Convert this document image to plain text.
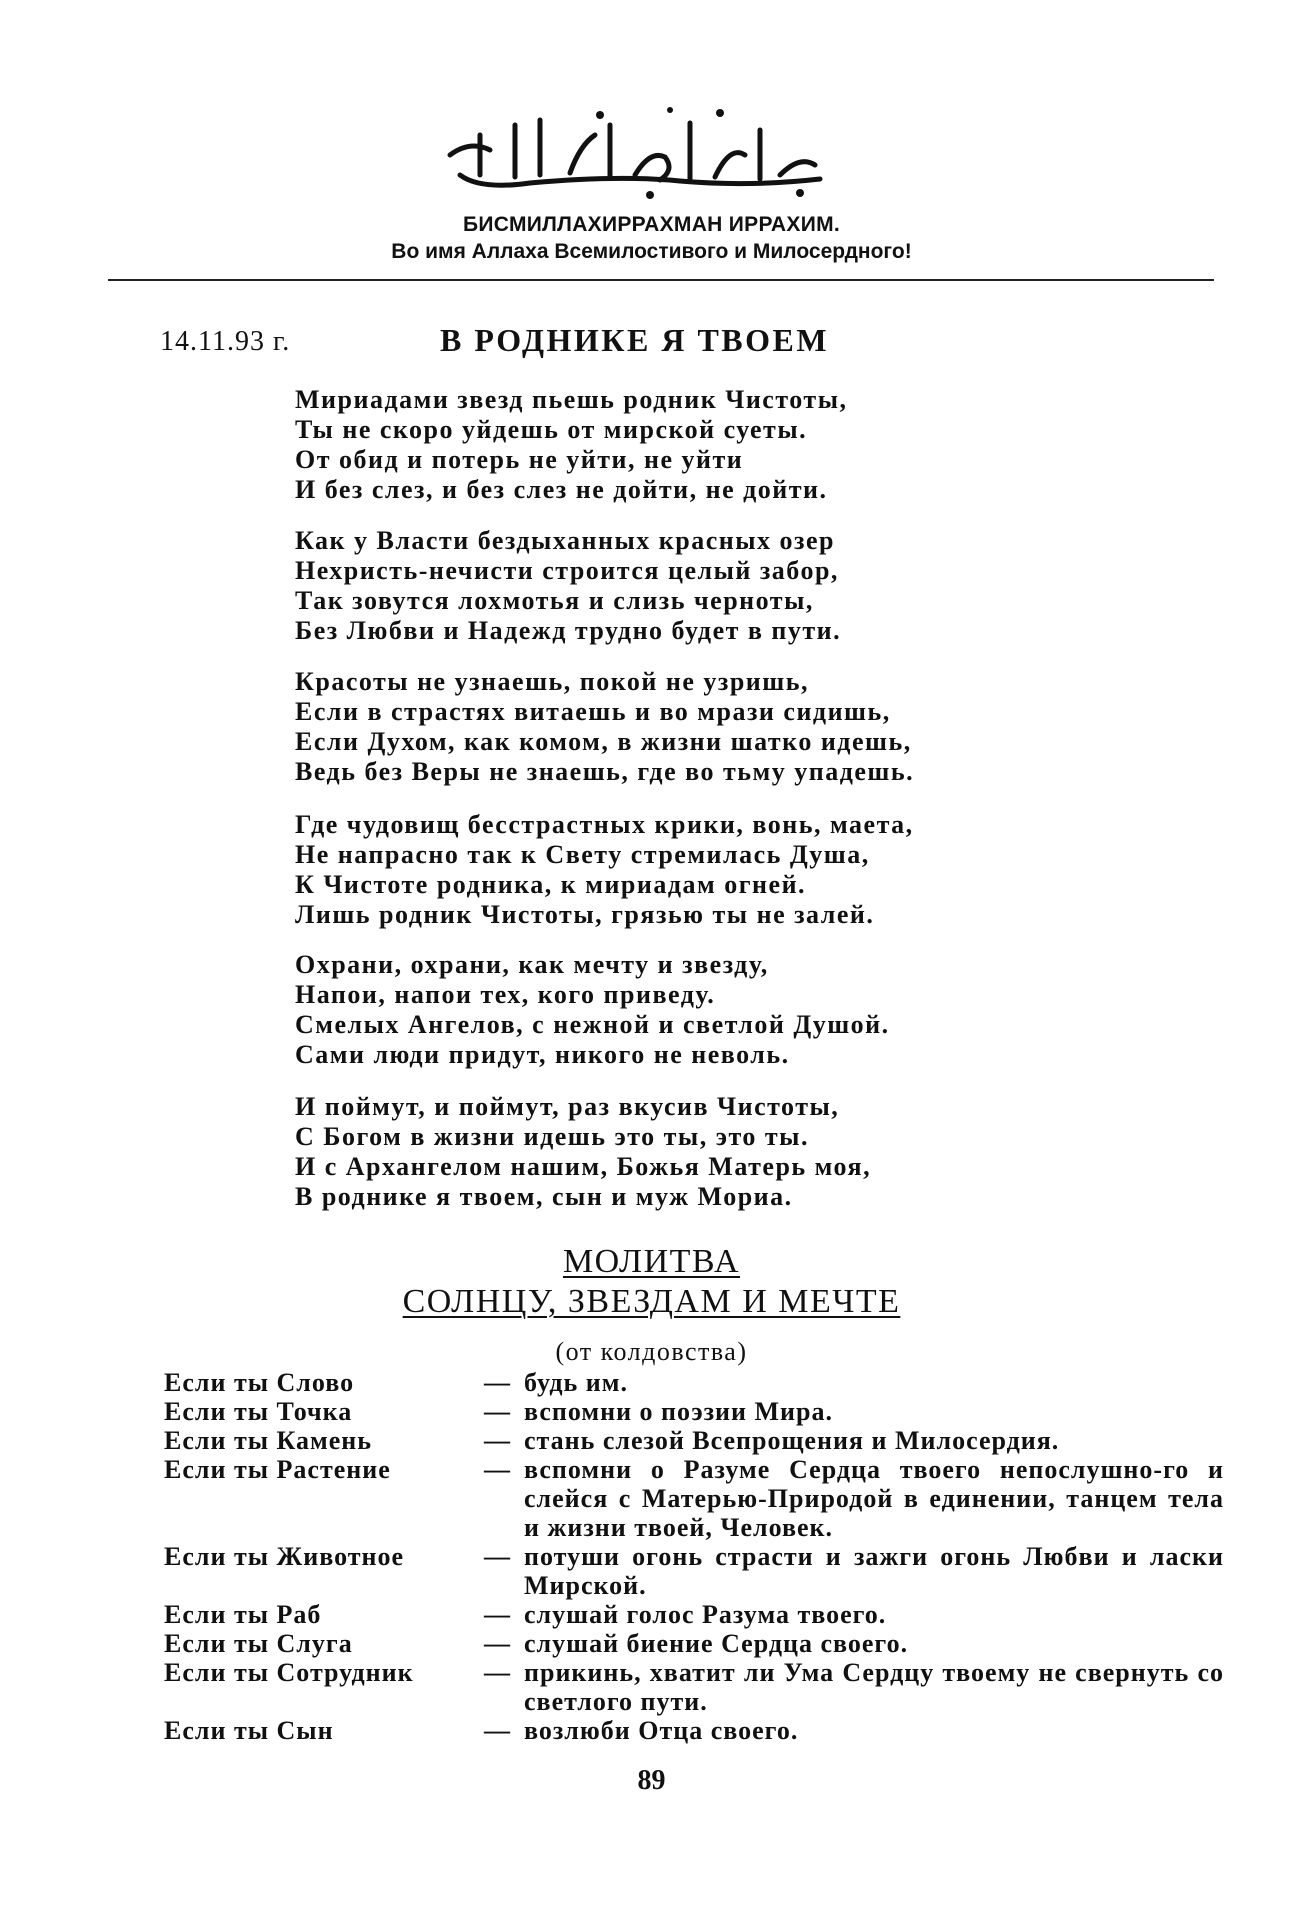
БИСМИЛЛАХИРРАХМАН ИРРАХИМ.
Во имя Аллаха Всемилостивого и Милосердного!
14.11.93 г.	В РОДНИКЕ Я ТВОЕМ
Мириадами звезд пьешь родник Чистоты,
Ты не скоро уйдешь от мирской суеты.
От обид и потерь не уйти, не уйти
И без слез, и без слез не дойти, не дойти.
Как у Власти бездыханных красных озер
Нехристь-нечисти строится целый забор,
Так зовутся лохмотья и слизь черноты,
Без Любви и Надежд трудно будет в пути.
Красоты не узнаешь, покой не узришь,
Если в страстях витаешь и во мрази сидишь,
Если Духом, как комом, в жизни шатко идешь,
Ведь без Веры не знаешь, где во тьму упадешь.
Где чудовищ бесстрастных крики, вонь, маета,
Не напрасно так к Свету стремилась Душа,
К Чистоте родника, к мириадам огней.
Лишь родник Чистоты, грязью ты не залей.
Охрани, охрани, как мечту и звезду,
Напои, напои тех, кого приведу.
Смелых Ангелов, с нежной и светлой Душой.
Сами люди придут, никого не неволь.
И поймут, и поймут, раз вкусив Чистоты,
С Богом в жизни идешь это ты, это ты.
И с Архангелом нашим, Божья Матерь моя,
В роднике я твоем, сын и муж Мориа.
МОЛИТВА
СОЛНЦУ, ЗВЕЗДАМ И МЕЧТЕ
(от колдовства)
Если ты Слово	— будь им.
Если ты Точка	— вспомни о поэзии Мира.
Если ты Камень	— стань слезой Всепрощения и Милосердия.
Если ты Растение	— вспомни о Разуме Сердца твоего непослушно-го и слейся с Матерью-Природой в единении, танцем тела и жизни твоей, Человек.
Если ты Животное	— потуши огонь страсти и зажги огонь Любви и ласки Мирской.
Если ты Раб	— слушай голос Разума твоего.
Если ты Слуга	— слушай биение Сердца своего.
Если ты Сотрудник	— прикинь, хватит ли Ума Сердцу твоему не свернуть со светлого пути.
Если ты Сын	— возлюби Отца своего.
89
